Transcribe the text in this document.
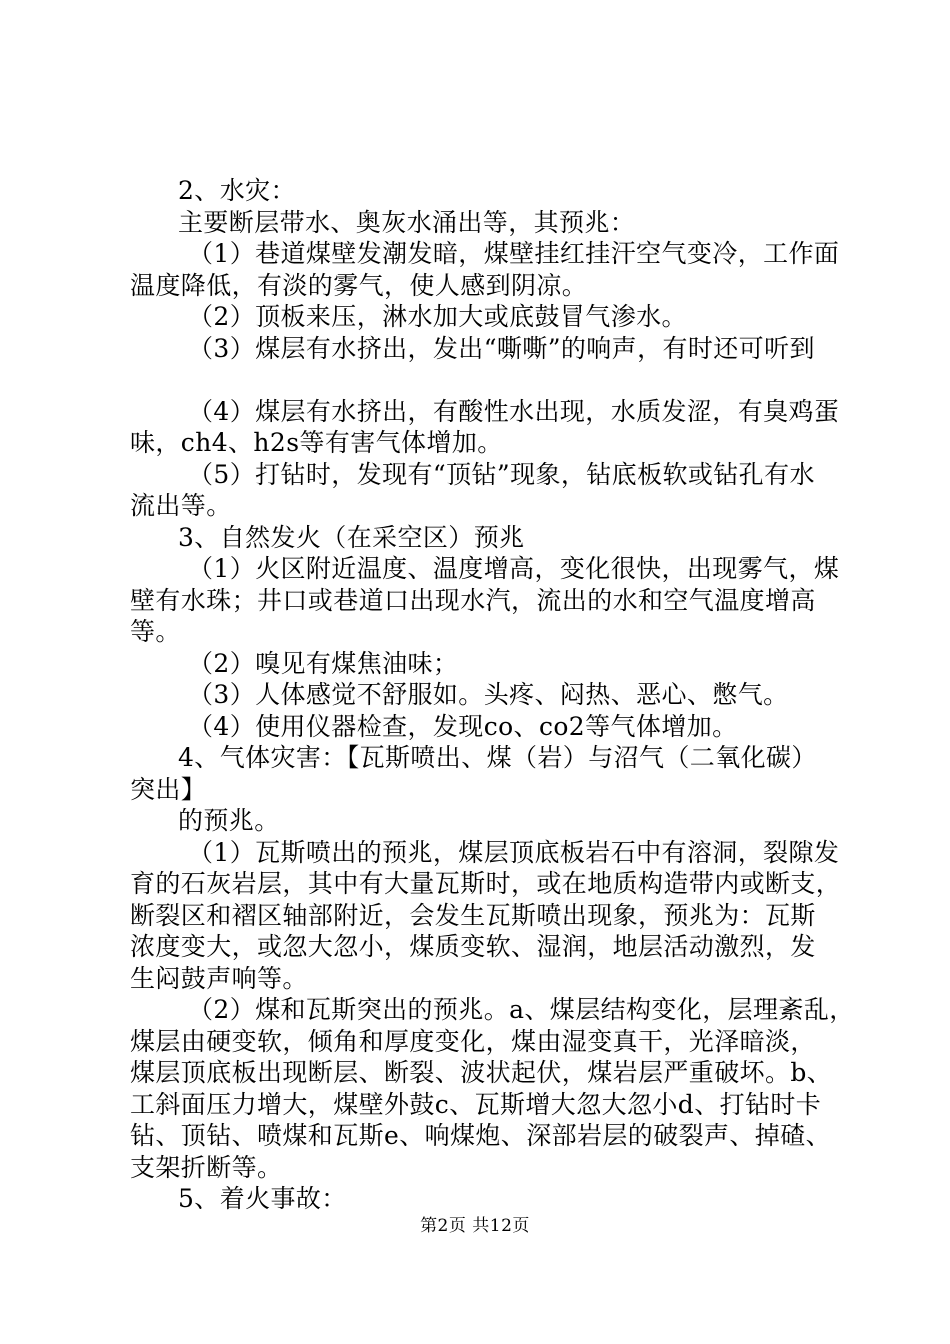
2、水灾：
主要断层带水、奥灰水涌出等，其预兆：
（1）巷道煤壁发潮发暗，煤壁挂红挂汗空气变冷，工作面
温度降低，有淡的雾气，使人感到阴凉。
（2）顶板来压，淋水加大或底鼓冒气渗水。
（3）煤层有水挤出，发出“嘶嘶”的响声，有时还可听到
（4）煤层有水挤出，有酸性水出现，水质发涩，有臭鸡蛋
味，ch4、h2s等有害气体增加。
（5）打钻时，发现有“顶钻”现象，钻底板软或钻孔有水
流出等。
3、自然发火（在采空区）预兆
（1）火区附近温度、温度增高，变化很快，出现雾气，煤
壁有水珠；井口或巷道口出现水汽，流出的水和空气温度增高
等。
（2）嗅见有煤焦油味；
（3）人体感觉不舒服如。头疼、闷热、恶心、憋气。
（4）使用仪器检查，发现co、co2等气体增加。
4、气体灾害：【瓦斯喷出、煤（岩）与沼气（二氧化碳）
突出】
的预兆。
（1）瓦斯喷出的预兆，煤层顶底板岩石中有溶洞，裂隙发
育的石灰岩层，其中有大量瓦斯时，或在地质构造带内或断支，
断裂区和褶区轴部附近，会发生瓦斯喷出现象，预兆为：瓦斯
浓度变大，或忽大忽小，煤质变软、湿润，地层活动激烈，发
生闷鼓声响等。
（2）煤和瓦斯突出的预兆。a、煤层结构变化，层理紊乱，
煤层由硬变软，倾角和厚度变化，煤由湿变真干，光泽暗淡，
煤层顶底板出现断层、断裂、波状起伏，煤岩层严重破坏。b、
工斜面压力增大，煤壁外鼓c、瓦斯增大忽大忽小d、打钻时卡
钻、顶钻、喷煤和瓦斯e、响煤炮、深部岩层的破裂声、掉碴、
支架折断等。
5、着火事故：
第2页 共12页
